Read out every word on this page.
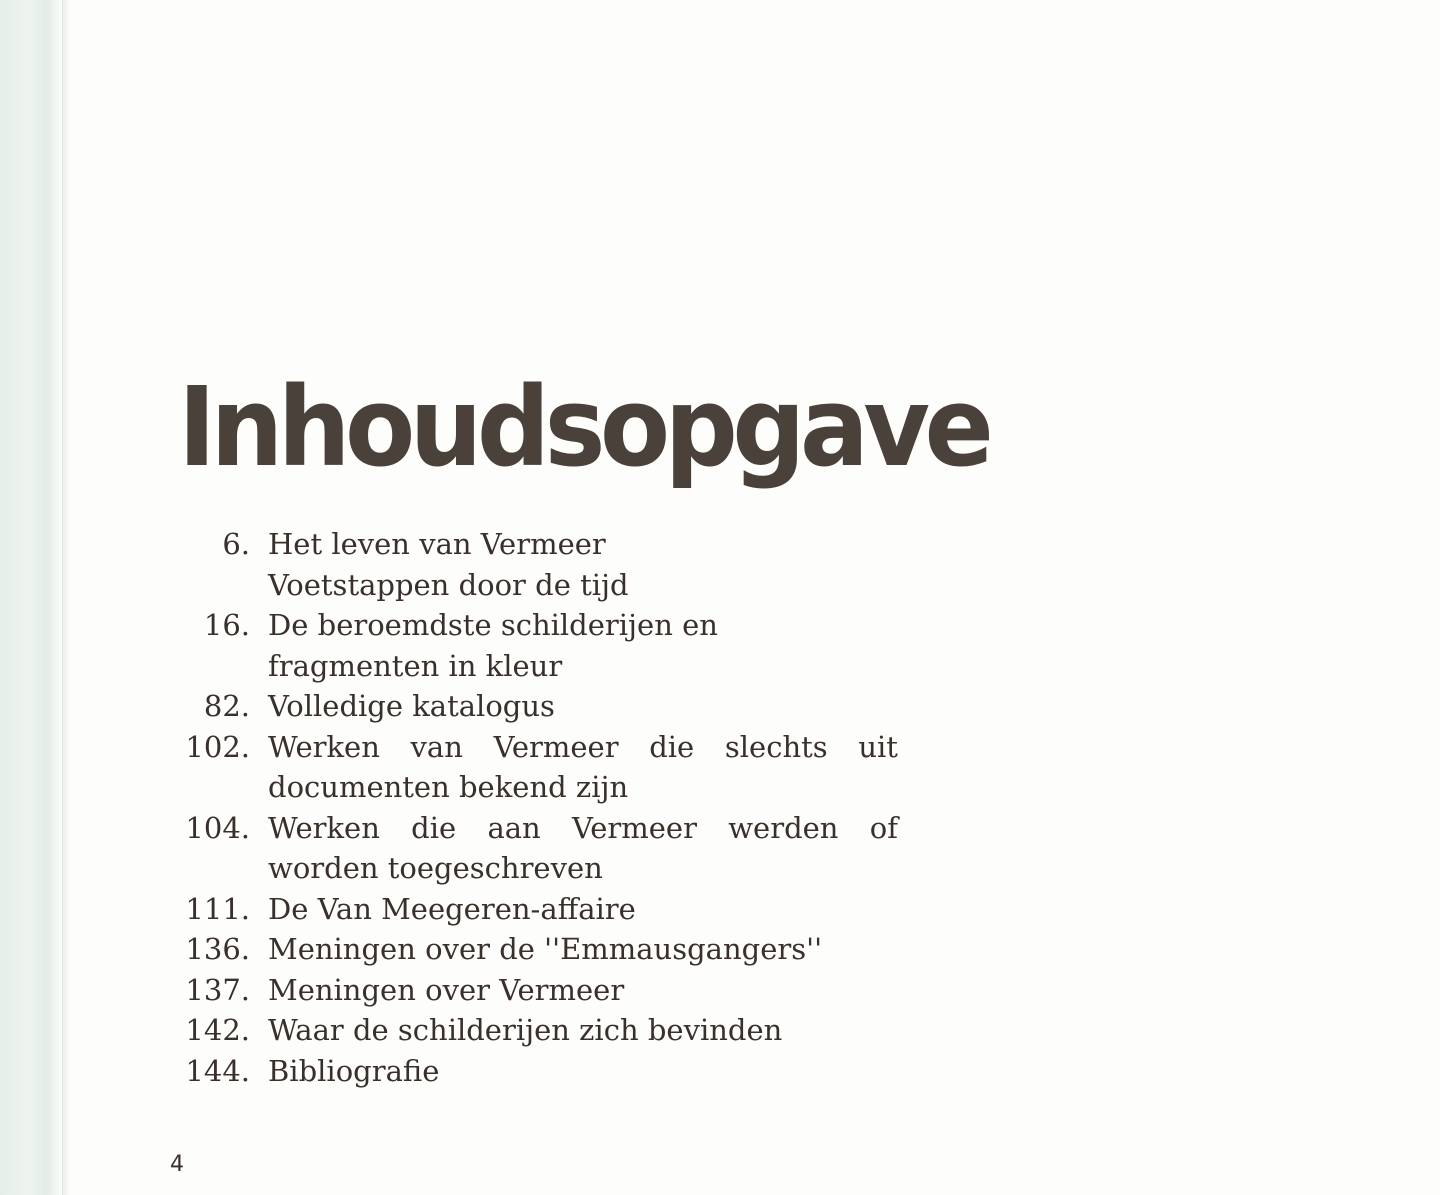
Inhoudsopgave
6. Het leven van Vermeer
Voetstappen door de tijd
16. De beroemdste schilderijen en
fragmenten in kleur
82. Volledige katalogus
102. Werken van Vermeer die slechts uit
documenten bekend zijn
104. Werken die aan Vermeer werden of
worden toegeschreven
111. De Van Meegeren-affaire
136. Meningen over de ''Emmausgangers''
137. Meningen over Vermeer
142. Waar de schilderijen zich bevinden
144. Bibliografie

4
